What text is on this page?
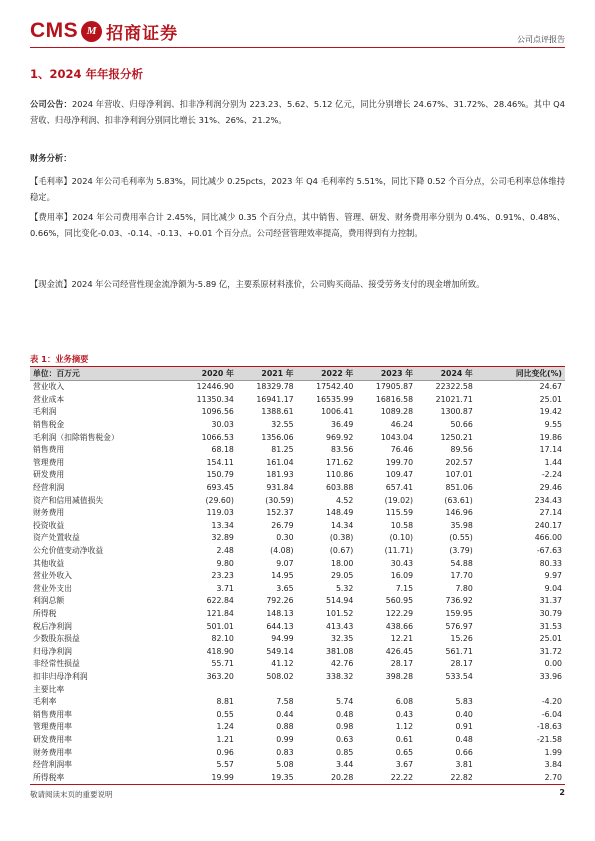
CMS M 招商证券	公司点评报告
1、2024 年年报分析
公司公告：2024 年营收、归母净利润、扣非净利润分别为 223.23、5.62、5.12 亿元，同比分别增长 24.67%、31.72%、28.46%。其中 Q4 营收、归母净利润、扣非净利润分别同比增长 31%、26%、21.2%。
财务分析：
【毛利率】2024 年公司毛利率为 5.83%，同比减少 0.25pcts，2023 年 Q4 毛利率约 5.51%，同比下降 0.52 个百分点，公司毛利率总体维持稳定。
【费用率】2024 年公司费用率合计 2.45%，同比减少 0.35 个百分点，其中销售、管理、研发、财务费用率分别为 0.4%、0.91%、0.48%、0.66%，同比变化-0.03、-0.14、-0.13、+0.01 个百分点。公司经营管理效率提高，费用得到有力控制。
【现金流】2024 年公司经营性现金流净额为-5.89 亿，主要系原材料涨价，公司购买商品、接受劳务支付的现金增加所致。
表 1：业务摘要
单位：百万元	2020 年	2021 年	2022 年	2023 年	2024 年	同比变化(%)
营业收入	12446.90	18329.78	17542.40	17905.87	22322.58	24.67
营业成本	11350.34	16941.17	16535.99	16816.58	21021.71	25.01
毛利润	1096.56	1388.61	1006.41	1089.28	1300.87	19.42
销售税金	30.03	32.55	36.49	46.24	50.66	9.55
毛利润（扣除销售税金）	1066.53	1356.06	969.92	1043.04	1250.21	19.86
销售费用	68.18	81.25	83.56	76.46	89.56	17.14
管理费用	154.11	161.04	171.62	199.70	202.57	1.44
研发费用	150.79	181.93	110.86	109.47	107.01	-2.24
经营利润	693.45	931.84	603.88	657.41	851.06	29.46
资产和信用减值损失	(29.60)	(30.59)	4.52	(19.02)	(63.61)	234.43
财务费用	119.03	152.37	148.49	115.59	146.96	27.14
投资收益	13.34	26.79	14.34	10.58	35.98	240.17
资产处置收益	32.89	0.30	(0.38)	(0.10)	(0.55)	466.00
公允价值变动净收益	2.48	(4.08)	(0.67)	(11.71)	(3.79)	-67.63
其他收益	9.80	9.07	18.00	30.43	54.88	80.33
营业外收入	23.23	14.95	29.05	16.09	17.70	9.97
营业外支出	3.71	3.65	5.32	7.15	7.80	9.04
利润总额	622.84	792.26	514.94	560.95	736.92	31.37
所得税	121.84	148.13	101.52	122.29	159.95	30.79
税后净利润	501.01	644.13	413.43	438.66	576.97	31.53
少数股东损益	82.10	94.99	32.35	12.21	15.26	25.01
归母净利润	418.90	549.14	381.08	426.45	561.71	31.72
非经常性损益	55.71	41.12	42.76	28.17	28.17	0.00
扣非归母净利润	363.20	508.02	338.32	398.28	533.54	33.96
主要比率						
毛利率	8.81	7.58	5.74	6.08	5.83	-4.20
销售费用率	0.55	0.44	0.48	0.43	0.40	-6.04
管理费用率	1.24	0.88	0.98	1.12	0.91	-18.63
研发费用率	1.21	0.99	0.63	0.61	0.48	-21.58
财务费用率	0.96	0.83	0.85	0.65	0.66	1.99
经营利润率	5.57	5.08	3.44	3.67	3.81	3.84
所得税率	19.99	19.35	20.28	22.22	22.82	2.70
敬请阅读末页的重要说明	2
